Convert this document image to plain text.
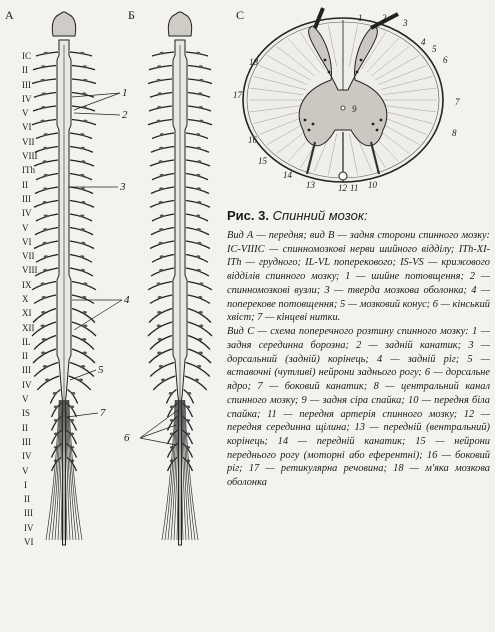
A	Б	C
IC
II
III
IV
V
VI
VII
VIII
ITh
II
III
IV
V
VI
VII
VIII
IX
X
XI
XII
IL
II
III
IV
V
IS
II
III
IV
V
I
II
III
IV
VI
1
2
3
4
5
7
6
1 2 3
4
5
6
7
8
9
10
11
12
13
14
15
16
17
18
Рис. 3. Спинний мозок:

Вид А — передня; вид В — задня сторони спинного мозку: IC-VIIIC — спинномозкові нерви шийного відділу; ITh-XI-ITh — грудного; IL-VL поперекового; IS-VS — крижового відділів спинного мозку; 1 — шийне потовщення; 2 — спинномозкові вузли; 3 — тверда мозкова оболонка; 4 — поперекове потовщення; 5 — мозковий конус; 6 — кінський хвіст; 7 — кінцеві нитки.

Вид С — схема поперечного розтину спинного мозку: 1 — задня серединна борозна; 2 — задній канатик; 3 — дорсальний (задній) корінець; 4 — задній ріг; 5 — вставочні (чутливі) нейрони заднього рогу; 6 — дорсальне ядро; 7 — боковий канатик; 8 — центральний канал спинного мозку; 9 — задня сіра спайка; 10 — передня біла спайка; 11 — передня артерія спинного мозку; 12 — передня серединна щілина; 13 — передній (вентральний) корінець; 14 — передній канатик; 15 — нейрони переднього рогу (моторні або еферентні); 16 — боковий ріг; 17 — ретикулярна речовина; 18 — м'яка мозкова оболонка
